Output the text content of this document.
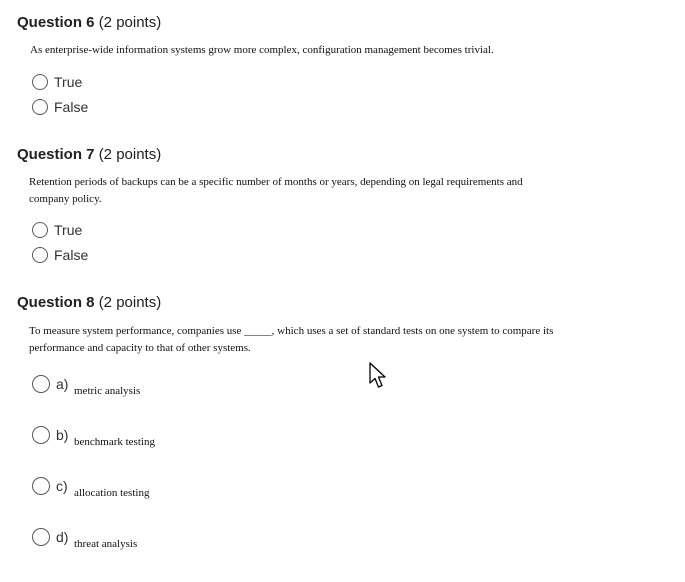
Question 6 (2 points)
As enterprise-wide information systems grow more complex, configuration management becomes trivial.
True
False
Question 7 (2 points)
Retention periods of backups can be a specific number of months or years, depending on legal requirements and company policy.
True
False
Question 8 (2 points)
To measure system performance, companies use _____, which uses a set of standard tests on one system to compare its performance and capacity to that of other systems.
a) metric analysis
b) benchmark testing
c) allocation testing
d) threat analysis
